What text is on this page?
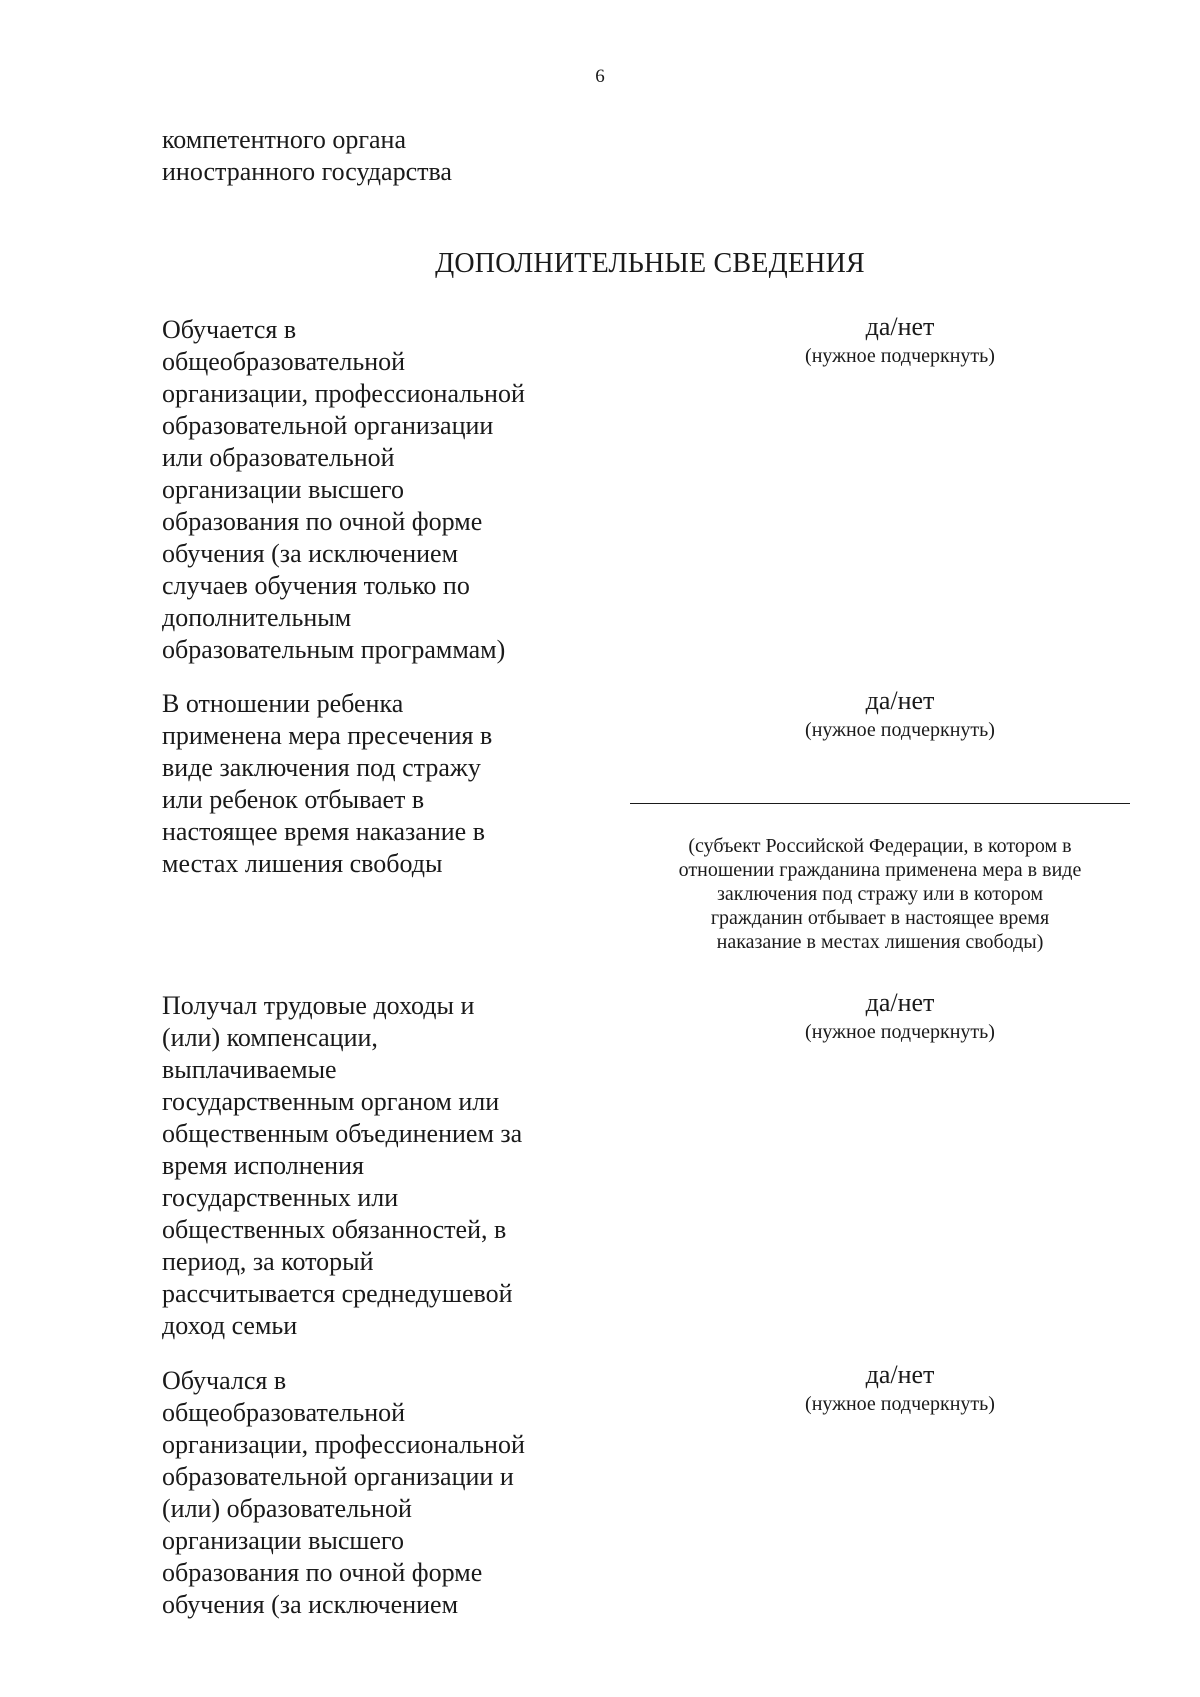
6
компетентного органа
иностранного государства
ДОПОЛНИТЕЛЬНЫЕ СВЕДЕНИЯ
Обучается в
общеобразовательной
организации, профессиональной
образовательной организации
или образовательной
организации высшего
образования по очной форме
обучения (за исключением
случаев обучения только по
дополнительным
образовательным программам)
да/нет
(нужное подчеркнуть)
В отношении ребенка
применена мера пресечения в
виде заключения под стражу
или ребенок отбывает в
настоящее время наказание в
местах лишения свободы
да/нет
(нужное подчеркнуть)
(субъект Российской Федерации, в котором в
отношении гражданина применена мера в виде
заключения под стражу или в котором
гражданин отбывает в настоящее время
наказание в местах лишения свободы)
Получал трудовые доходы и
(или) компенсации,
выплачиваемые
государственным органом или
общественным объединением за
время исполнения
государственных или
общественных обязанностей, в
период, за который
рассчитывается среднедушевой
доход семьи
да/нет
(нужное подчеркнуть)
Обучался в
общеобразовательной
организации, профессиональной
образовательной организации и
(или) образовательной
организации высшего
образования по очной форме
обучения (за исключением
да/нет
(нужное подчеркнуть)
